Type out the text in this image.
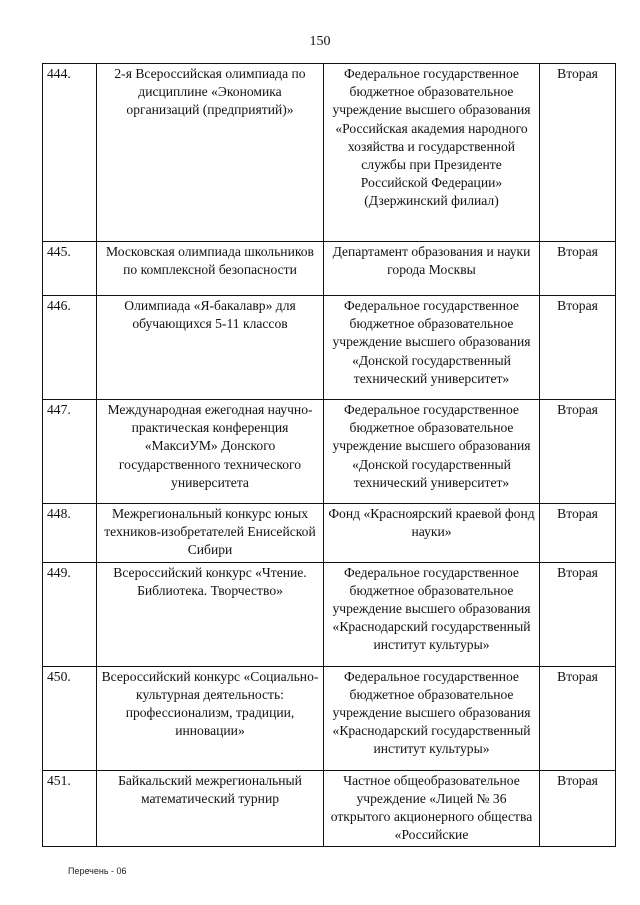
150
444.	2-я Всероссийская олимпиада по дисциплине «Экономика организаций (предприятий)»	Федеральное государственное бюджетное образовательное учреждение высшего образования «Российская академия народного хозяйства и государственной службы при Президенте Российской Федерации» (Дзержинский филиал)	Вторая
445.	Московская олимпиада школьников по комплексной безопасности	Департамент образования и науки города Москвы	Вторая
446.	Олимпиада «Я-бакалавр» для обучающихся 5-11 классов	Федеральное государственное бюджетное образовательное учреждение высшего образования «Донской государственный технический университет»	Вторая
447.	Международная ежегодная научно-практическая конференция «МаксиУМ» Донского государственного технического университета	Федеральное государственное бюджетное образовательное учреждение высшего образования «Донской государственный технический университет»	Вторая
448.	Межрегиональный конкурс юных техников-изобретателей Енисейской Сибири	Фонд «Красноярский краевой фонд науки»	Вторая
449.	Всероссийский конкурс «Чтение. Библиотека. Творчество»	Федеральное государственное бюджетное образовательное учреждение высшего образования «Краснодарский государственный институт культуры»	Вторая
450.	Всероссийский конкурс «Социально-культурная деятельность: профессионализм, традиции, инновации»	Федеральное государственное бюджетное образовательное учреждение высшего образования «Краснодарский государственный институт культуры»	Вторая
451.	Байкальский межрегиональный математический турнир	Частное общеобразовательное учреждение «Лицей № 36 открытого акционерного общества «Российские	Вторая
Перечень - 06
